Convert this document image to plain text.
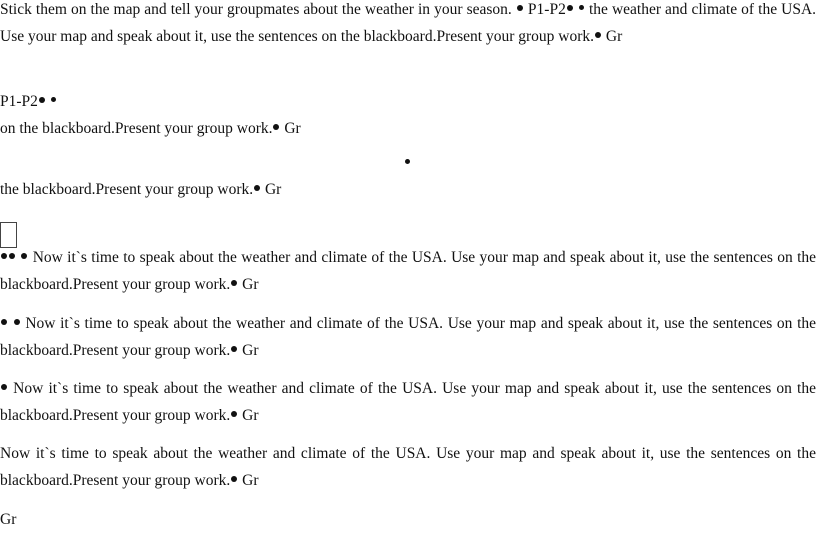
Stick them on the map and tell your groupmates about the weather in your season. P1-P2 the weather and climate of the USA. Use your map and speak about it, use the sentences on the blackboard.Present your group work. Gr

P1-P2

on the blackboard.Present your group work. Gr

the blackboard.Present your group work. Gr

Now it`s time to speak about the weather and climate of the USA. Use your map and speak about it, use the sentences on the blackboard.Present your group work. Gr

Now it`s time to speak about the weather and climate of the USA. Use your map and speak about it, use the sentences on the blackboard.Present your group work. Gr

Now it`s time to speak about the weather and climate of the USA. Use your map and speak about it, use the sentences on the blackboard.Present your group work. Gr

Now it`s time to speak about the weather and climate of the USA. Use your map and speak about it, use the sentences on the blackboard.Present your group work. Gr

Gr
